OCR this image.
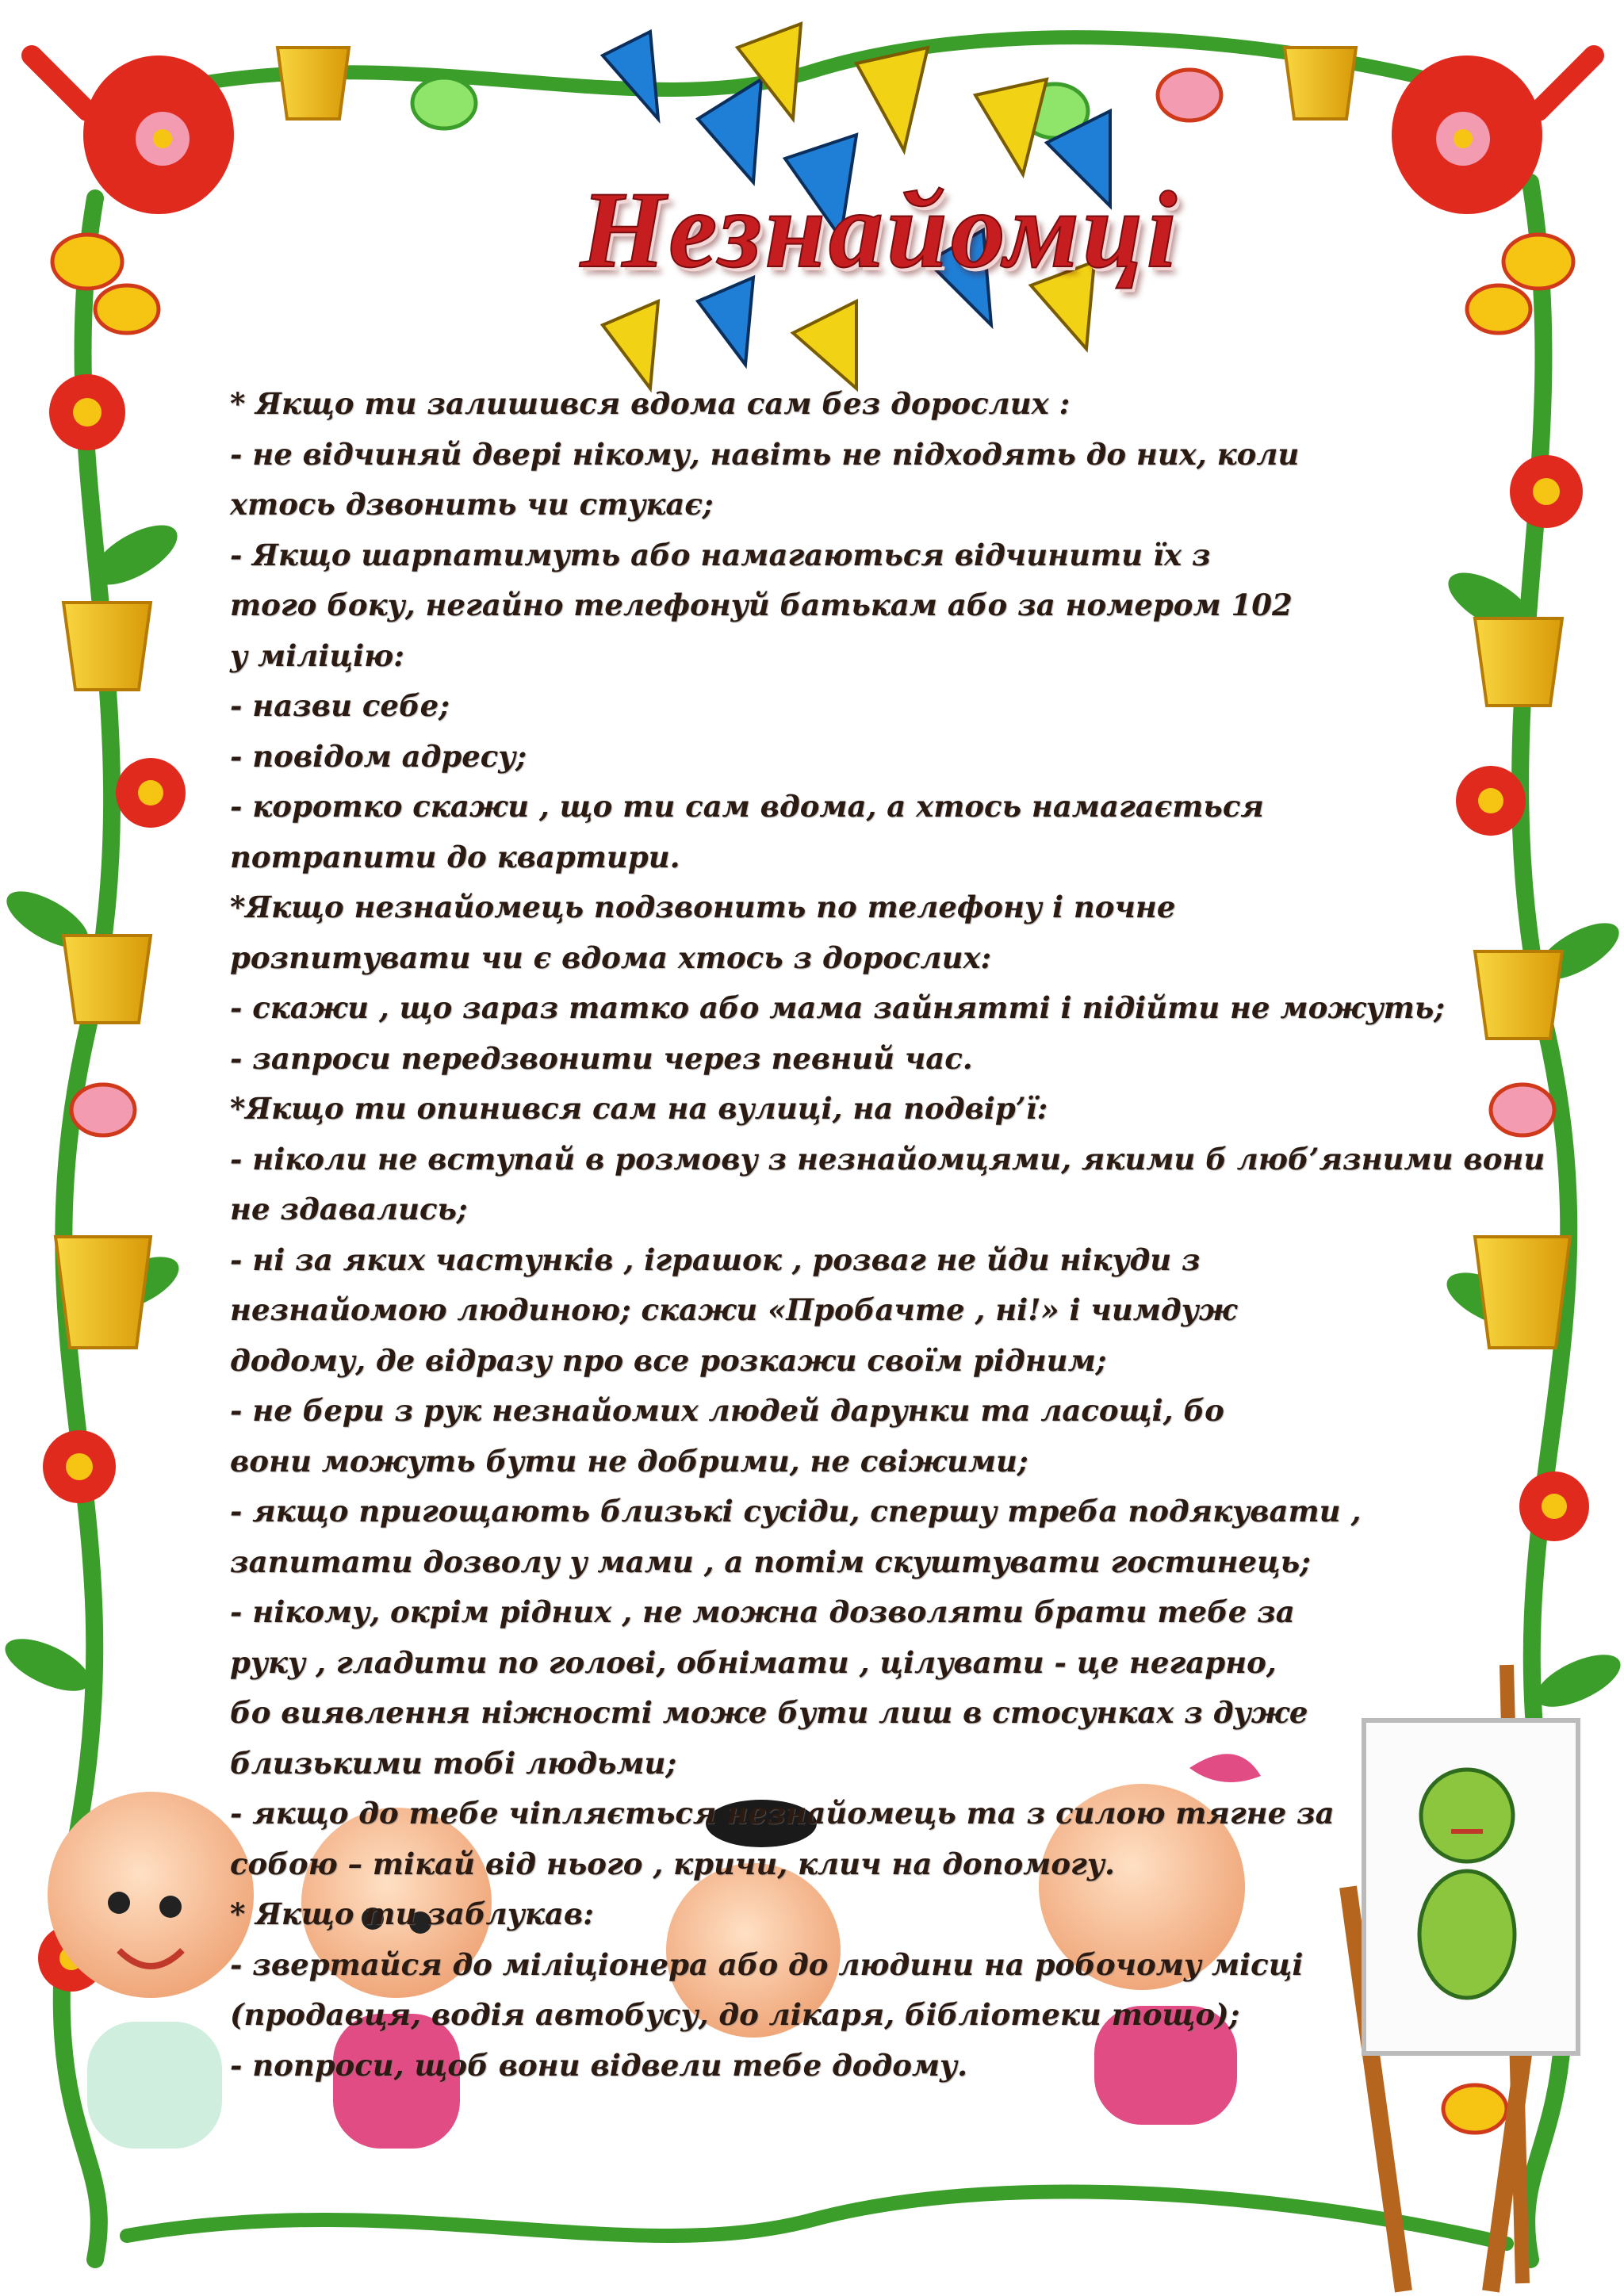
Незнайомці
* Якщо ти залишився вдома сам без дорослих :
- не відчиняй двері нікому, навіть не підходять до них, коли
хтось дзвонить чи стукає;
- Якщо шарпатимуть або намагаються відчинити їх з
того боку, негайно телефонуй батькам або за номером 102
у міліцію:
- назви себе;
- повідом адресу;
- коротко скажи , що ти сам вдома, а хтось намагається
потрапити до квартири.
*Якщо незнайомець подзвонить по телефону і почне
розпитувати чи є вдома хтось з дорослих:
- скажи , що зараз татко або мама зайнятті і підійти не можуть;
- запроси передзвонити через певний час.
*Якщо ти опинився сам на вулиці, на подвір’ї:
- ніколи не вступай в розмову з незнайомцями, якими б люб’язними вони
не здавались;
- ні за яких частунків , іграшок , розваг не йди нікуди з
незнайомою людиною; скажи «Пробачте , ні!» і чимдуж
додому, де відразу про все розкажи своїм рідним;
- не бери з рук незнайомих людей дарунки та ласощі, бо
вони можуть бути не добрими, не свіжими;
- якщо пригощають близькі сусіди, спершу треба подякувати ,
запитати дозволу у мами , а потім скуштувати гостинець;
- нікому, окрім рідних , не можна дозволяти брати тебе за
руку , гладити по голові, обнімати , цілувати - це негарно,
бо виявлення ніжності може бути лиш в стосунках з дуже
близькими тобі людьми;
- якщо до тебе чіпляється незнайомець та з силою тягне за
собою – тікай від нього , кричи, клич на допомогу.
* Якщо ти заблукав:
- звертайся до міліціонера або до людини на робочому місці
(продавця, водія автобусу, до лікаря, бібліотеки тощо);
- попроси, щоб вони відвели тебе додому.
